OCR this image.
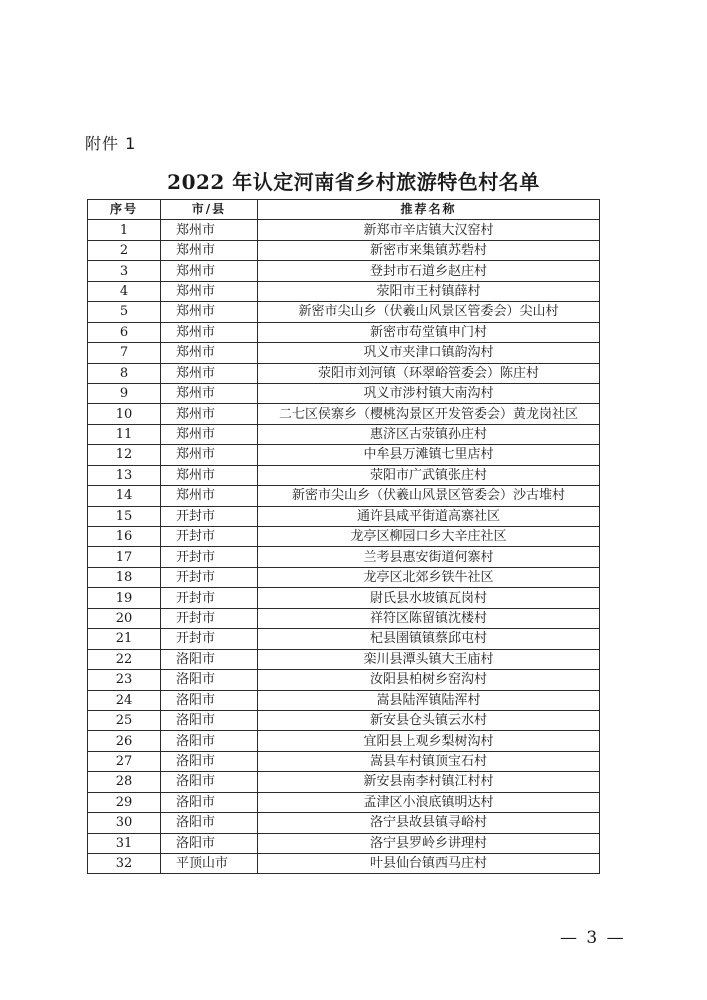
附件 1
2022 年认定河南省乡村旅游特色村名单
序号	市/县	推荐名称
1	郑州市	新郑市辛店镇大汉窑村
2	郑州市	新密市来集镇苏砦村
3	郑州市	登封市石道乡赵庄村
4	郑州市	荥阳市王村镇薛村
5	郑州市	新密市尖山乡（伏羲山风景区管委会）尖山村
6	郑州市	新密市苟堂镇申门村
7	郑州市	巩义市夹津口镇韵沟村
8	郑州市	荥阳市刘河镇（环翠峪管委会）陈庄村
9	郑州市	巩义市涉村镇大南沟村
10	郑州市	二七区侯寨乡（樱桃沟景区开发管委会）黄龙岗社区
11	郑州市	惠济区古荥镇孙庄村
12	郑州市	中牟县万滩镇七里店村
13	郑州市	荥阳市广武镇张庄村
14	郑州市	新密市尖山乡（伏羲山风景区管委会）沙古堆村
15	开封市	通许县咸平街道高寨社区
16	开封市	龙亭区柳园口乡大辛庄社区
17	开封市	兰考县惠安街道何寨村
18	开封市	龙亭区北郊乡铁牛社区
19	开封市	尉氏县水坡镇瓦岗村
20	开封市	祥符区陈留镇沈楼村
21	开封市	杞县圉镇镇蔡邱屯村
22	洛阳市	栾川县潭头镇大王庙村
23	洛阳市	汝阳县柏树乡窑沟村
24	洛阳市	嵩县陆浑镇陆浑村
25	洛阳市	新安县仓头镇云水村
26	洛阳市	宜阳县上观乡梨树沟村
27	洛阳市	嵩县车村镇顶宝石村
28	洛阳市	新安县南李村镇江村村
29	洛阳市	孟津区小浪底镇明达村
30	洛阳市	洛宁县故县镇寻峪村
31	洛阳市	洛宁县罗岭乡讲理村
32	平顶山市	叶县仙台镇西马庄村
— 3 —
